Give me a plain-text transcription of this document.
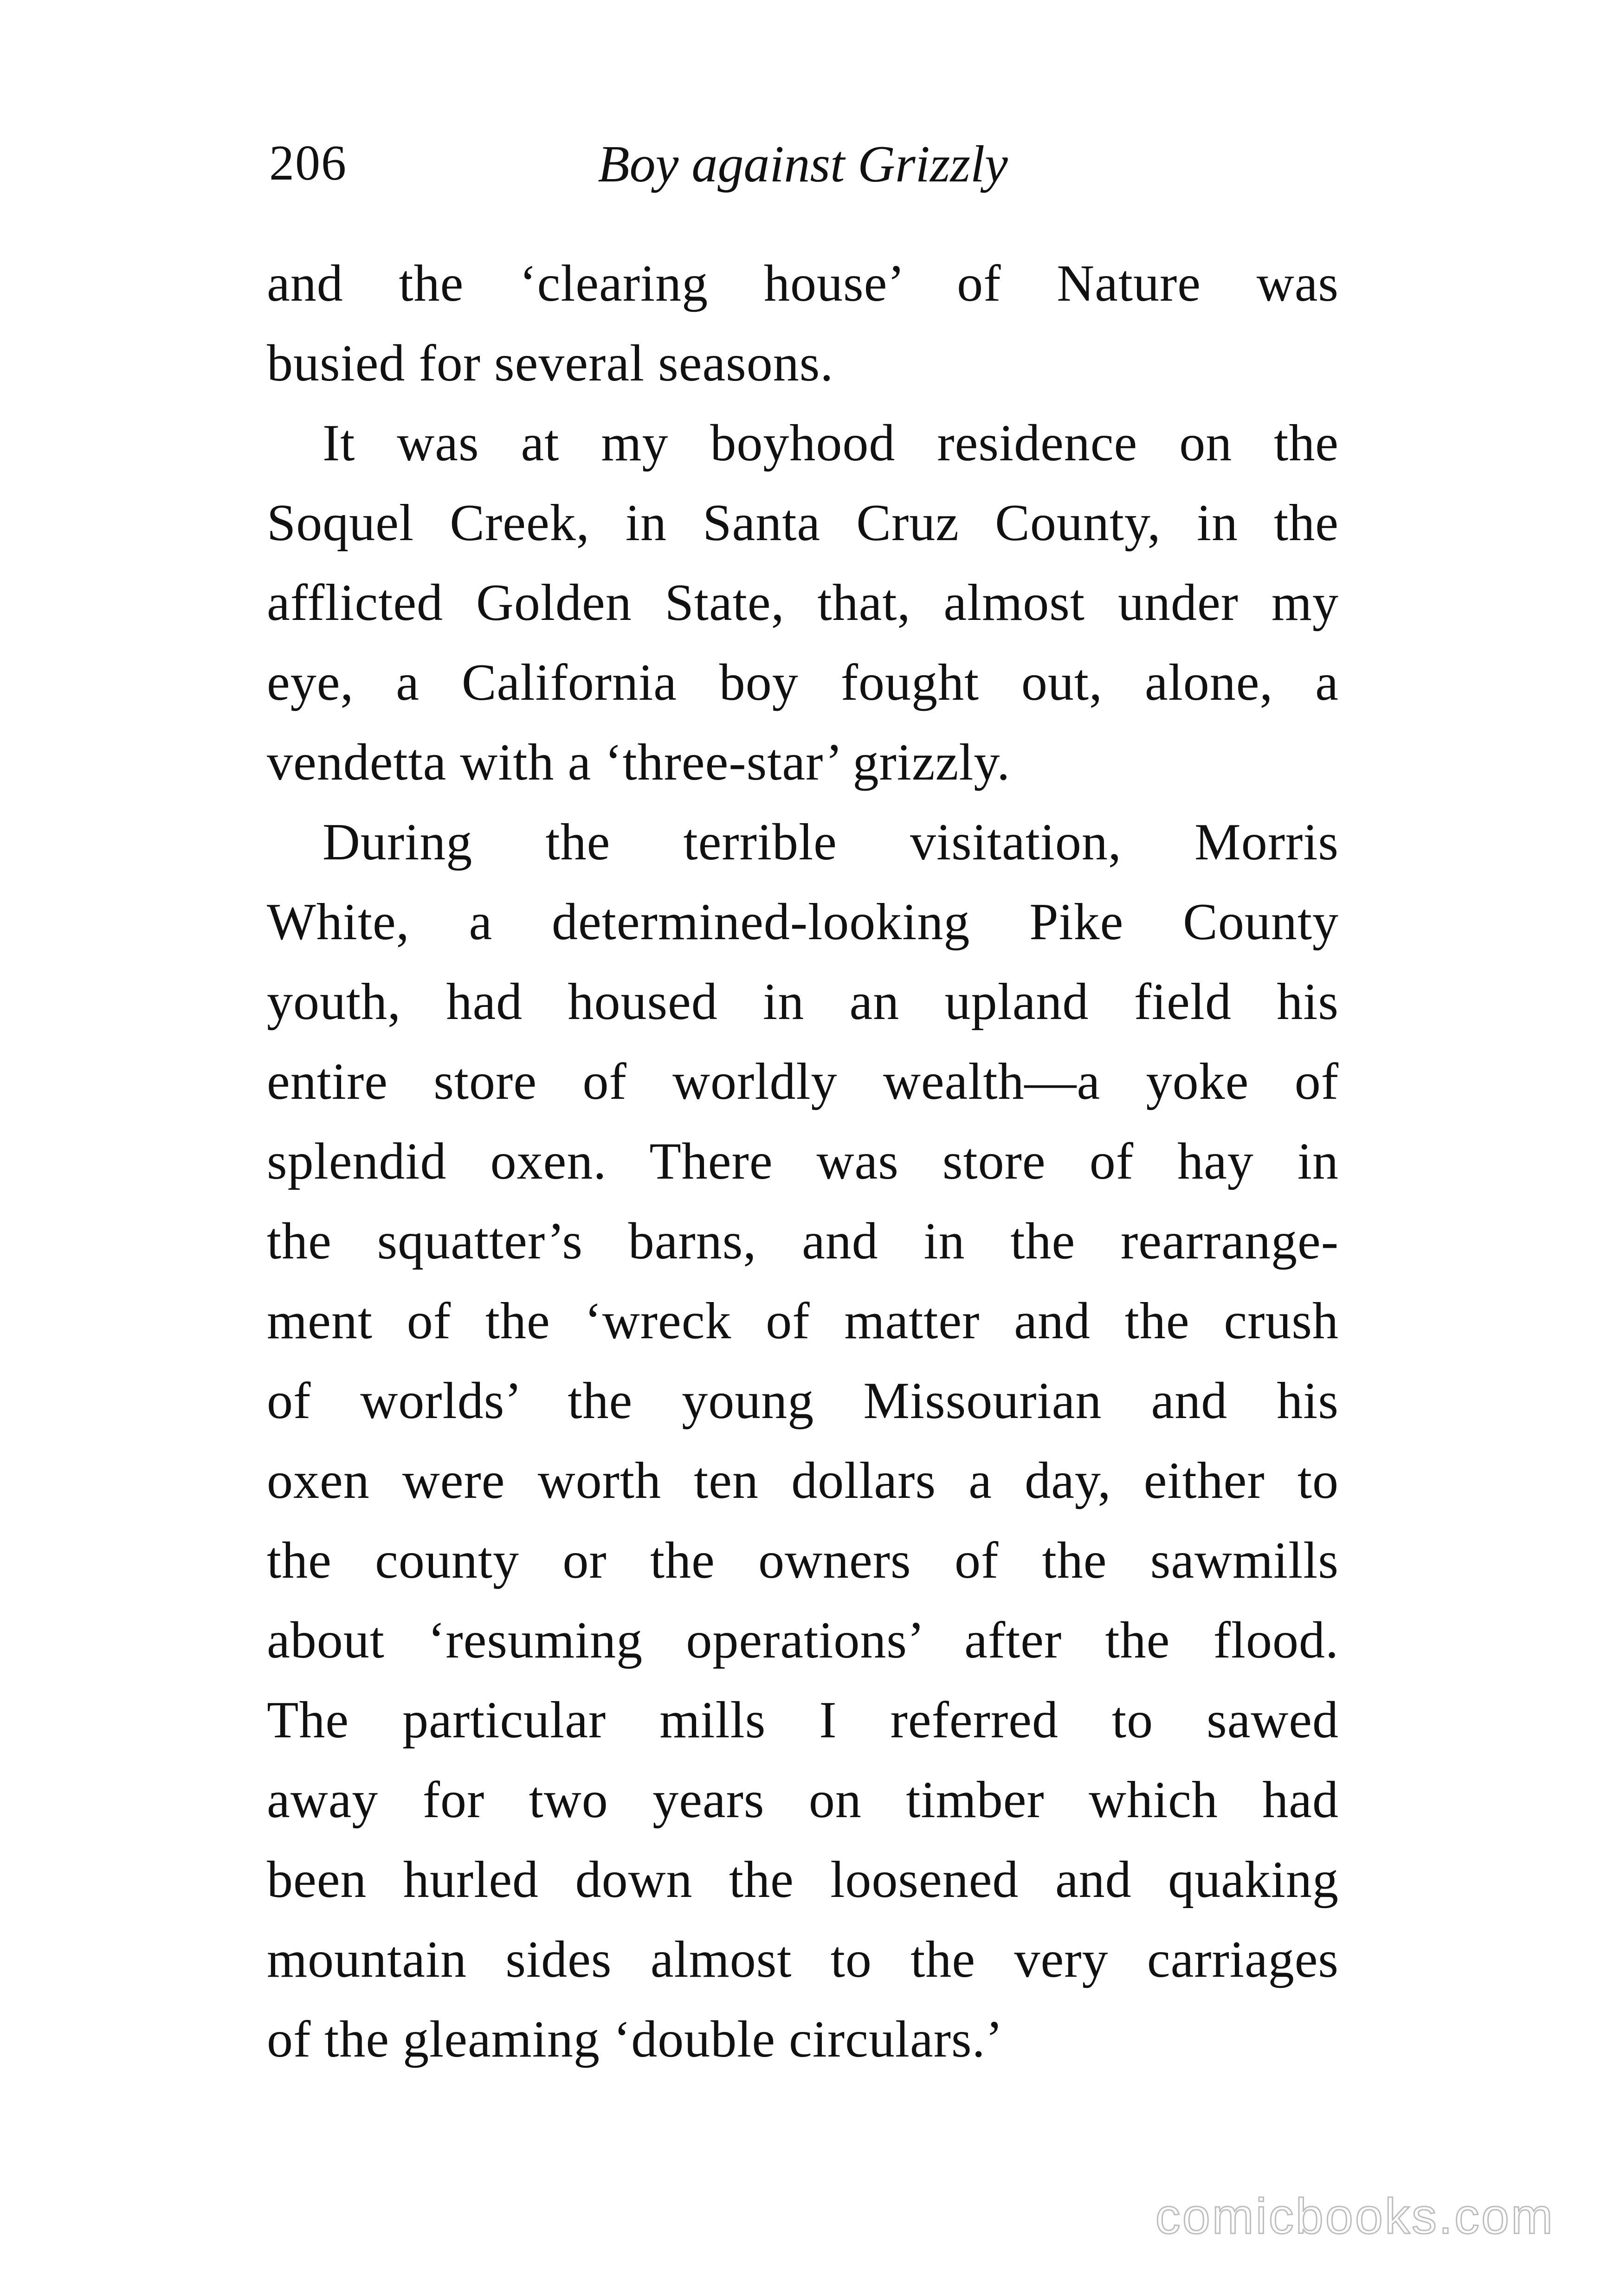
206	Boy against Grizzly
and the ‘clearing house’ of Nature was
busied for several seasons.
It was at my boyhood residence on the
Soquel Creek, in Santa Cruz County, in the
afflicted Golden State, that, almost under my
eye, a California boy fought out, alone, a
vendetta with a ‘three-star’ grizzly.
During the terrible visitation, Morris
White, a determined-looking Pike County
youth, had housed in an upland field his
entire store of worldly wealth—a yoke of
splendid oxen. There was store of hay in
the squatter’s barns, and in the rearrange-
ment of the ‘wreck of matter and the crush
of worlds’ the young Missourian and his
oxen were worth ten dollars a day, either to
the county or the owners of the sawmills
about ‘resuming operations’ after the flood.
The particular mills I referred to sawed
away for two years on timber which had
been hurled down the loosened and quaking
mountain sides almost to the very carriages
of the gleaming ‘double circulars.’
comicbooks.com
